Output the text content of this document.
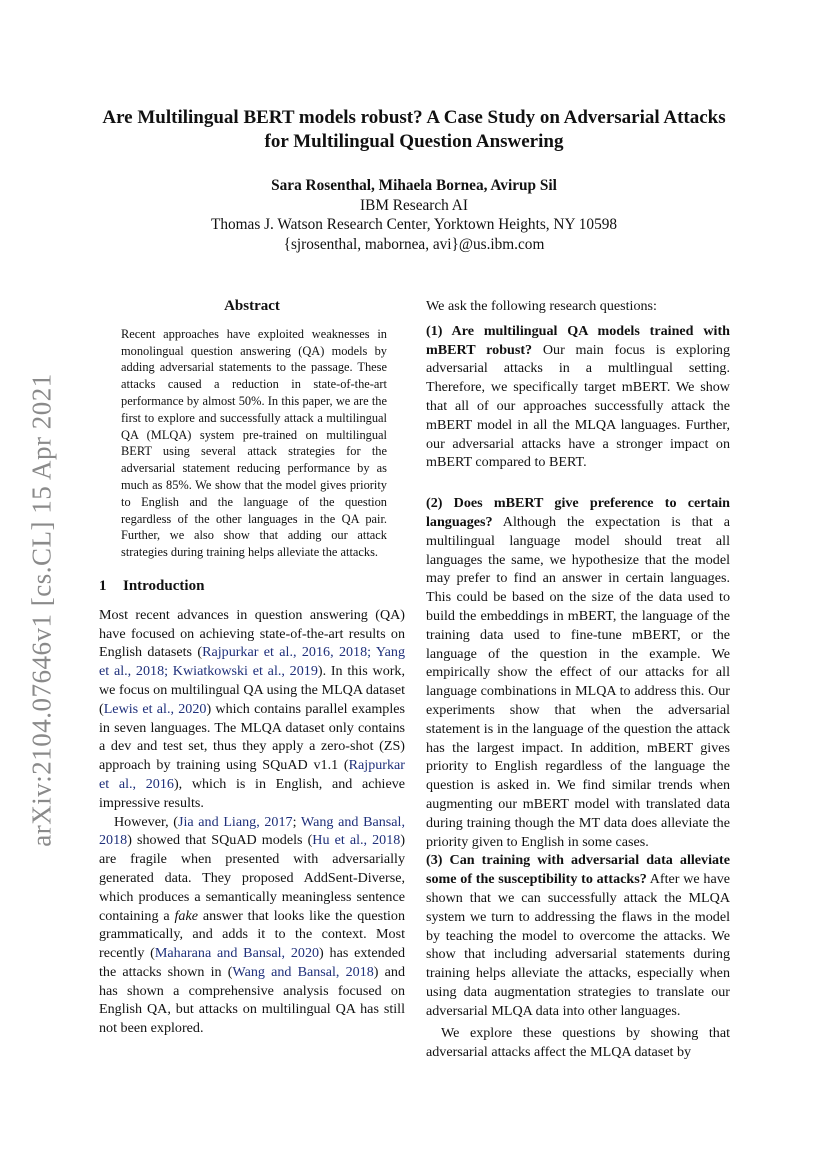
arXiv:2104.07646v1 [cs.CL] 15 Apr 2021
Are Multilingual BERT models robust? A Case Study on Adversarial Attacks for Multilingual Question Answering
Sara Rosenthal, Mihaela Bornea, Avirup Sil
IBM Research AI
Thomas J. Watson Research Center, Yorktown Heights, NY 10598
{sjrosenthal, mabornea, avi}@us.ibm.com
Abstract

Recent approaches have exploited weaknesses in monolingual question answering (QA) models by adding adversarial statements to the passage. These attacks caused a reduction in state-of-the-art performance by almost 50%. In this paper, we are the first to explore and successfully attack a multilingual QA (MLQA) system pre-trained on multilingual BERT using several attack strategies for the adversarial statement reducing performance by as much as 85%. We show that the model gives priority to English and the language of the question regardless of the other languages in the QA pair. Further, we also show that adding our attack strategies during training helps alleviate the attacks.

1 Introduction

Most recent advances in question answering (QA) have focused on achieving state-of-the-art results on English datasets (Rajpurkar et al., 2016, 2018; Yang et al., 2018; Kwiatkowski et al., 2019). In this work, we focus on multilingual QA using the MLQA dataset (Lewis et al., 2020) which contains parallel examples in seven languages. The MLQA dataset only contains a dev and test set, thus they apply a zero-shot (ZS) approach by training using SQuAD v1.1 (Rajpurkar et al., 2016), which is in English, and achieve impressive results.

However, (Jia and Liang, 2017; Wang and Bansal, 2018) showed that SQuAD models (Hu et al., 2018) are fragile when presented with adversarially generated data. They proposed AddSent-Diverse, which produces a semantically meaningless sentence containing a fake answer that looks like the question grammatically, and adds it to the context. Most recently (Maharana and Bansal, 2020) has extended the attacks shown in (Wang and Bansal, 2018) and has shown a comprehensive analysis focused on English QA, but attacks on multilingual QA has still not been explored.

We ask the following research questions:

(1) Are multilingual QA models trained with mBERT robust? Our main focus is exploring adversarial attacks in a multlingual setting. Therefore, we specifically target mBERT. We show that all of our approaches successfully attack the mBERT model in all the MLQA languages. Further, our adversarial attacks have a stronger impact on mBERT compared to BERT.

(2) Does mBERT give preference to certain languages? Although the expectation is that a multilingual language model should treat all languages the same, we hypothesize that the model may prefer to find an answer in certain languages. This could be based on the size of the data used to build the embeddings in mBERT, the language of the training data used to fine-tune mBERT, or the language of the question in the example. We empirically show the effect of our attacks for all language combinations in MLQA to address this. Our experiments show that when the adversarial statement is in the language of the question the attack has the largest impact. In addition, mBERT gives priority to English regardless of the language the question is asked in. We find similar trends when augmenting our mBERT model with translated data during training though the MT data does alleviate the priority given to English in some cases.

(3) Can training with adversarial data alleviate some of the susceptibility to attacks? After we have shown that we can successfully attack the MLQA system we turn to addressing the flaws in the model by teaching the model to overcome the attacks. We show that including adversarial statements during training helps alleviate the attacks, especially when using data augmentation strategies to translate our adversarial MLQA data into other languages.

We explore these questions by showing that adversarial attacks affect the MLQA dataset by
